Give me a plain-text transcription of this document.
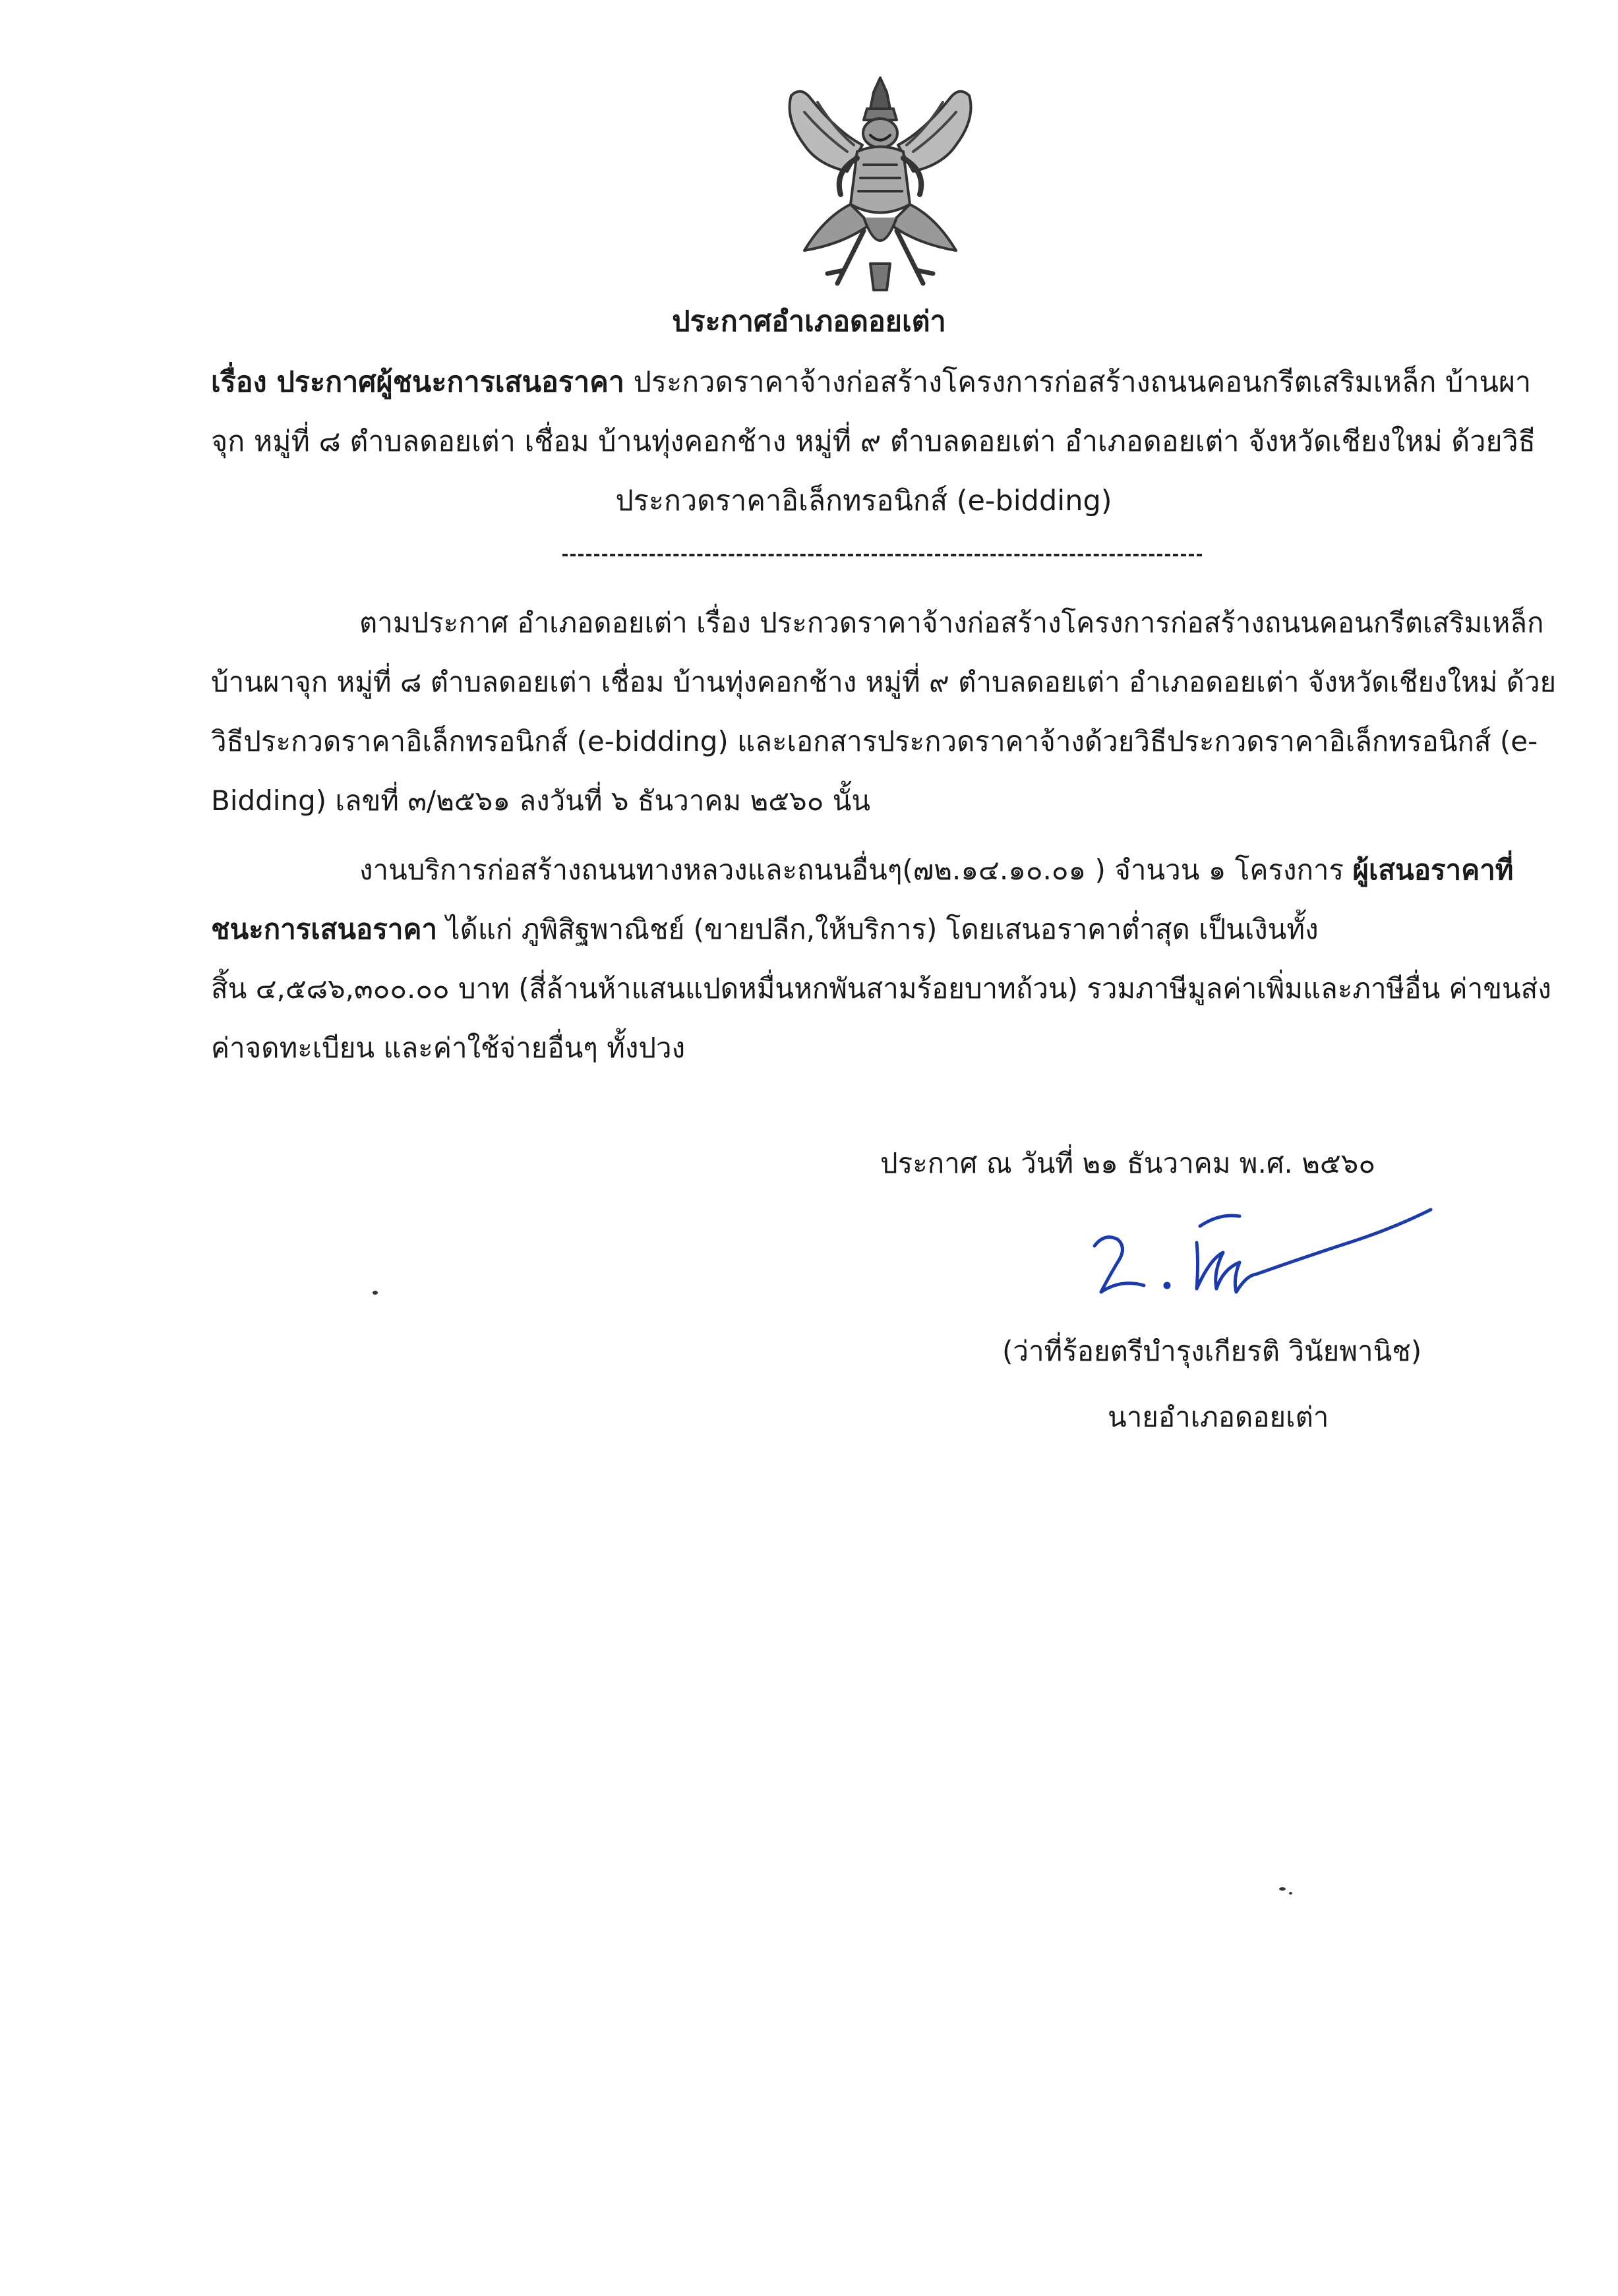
ประกาศอำเภอดอยเต่า
เรื่อง ประกาศผู้ชนะการเสนอราคา ประกวดราคาจ้างก่อสร้างโครงการก่อสร้างถนนคอนกรีตเสริมเหล็ก บ้านผา
จุก หมู่ที่ ๘ ตำบลดอยเต่า เชื่อม บ้านทุ่งคอกช้าง หมู่ที่ ๙ ตำบลดอยเต่า อำเภอดอยเต่า จังหวัดเชียงใหม่ ด้วยวิธี
ประกวดราคาอิเล็กทรอนิกส์ (e-bidding)
ตามประกาศ อำเภอดอยเต่า เรื่อง ประกวดราคาจ้างก่อสร้างโครงการก่อสร้างถนนคอนกรีตเสริมเหล็ก
บ้านผาจุก หมู่ที่ ๘ ตำบลดอยเต่า เชื่อม บ้านทุ่งคอกช้าง หมู่ที่ ๙ ตำบลดอยเต่า อำเภอดอยเต่า จังหวัดเชียงใหม่ ด้วย
วิธีประกวดราคาอิเล็กทรอนิกส์ (e-bidding) และเอกสารประกวดราคาจ้างด้วยวิธีประกวดราคาอิเล็กทรอนิกส์ (e-
Bidding) เลขที่ ๓/๒๕๖๑ ลงวันที่ ๖ ธันวาคม ๒๕๖๐ นั้น
งานบริการก่อสร้างถนนทางหลวงและถนนอื่นๆ(๗๒.๑๔.๑๐.๐๑ ) จำนวน ๑ โครงการ ผู้เสนอราคาที่
ชนะการเสนอราคา ได้แก่ ภูพิสิฐพาณิชย์ (ขายปลีก,ให้บริการ) โดยเสนอราคาต่ำสุด เป็นเงินทั้ง
สิ้น ๔,๕๘๖,๓๐๐.๐๐ บาท (สี่ล้านห้าแสนแปดหมื่นหกพันสามร้อยบาทถ้วน) รวมภาษีมูลค่าเพิ่มและภาษีอื่น ค่าขนส่ง
ค่าจดทะเบียน และค่าใช้จ่ายอื่นๆ ทั้งปวง
ประกาศ ณ วันที่ ๒๑ ธันวาคม พ.ศ. ๒๕๖๐
(ว่าที่ร้อยตรีบำรุงเกียรติ วินัยพานิช)
นายอำเภอดอยเต่า
